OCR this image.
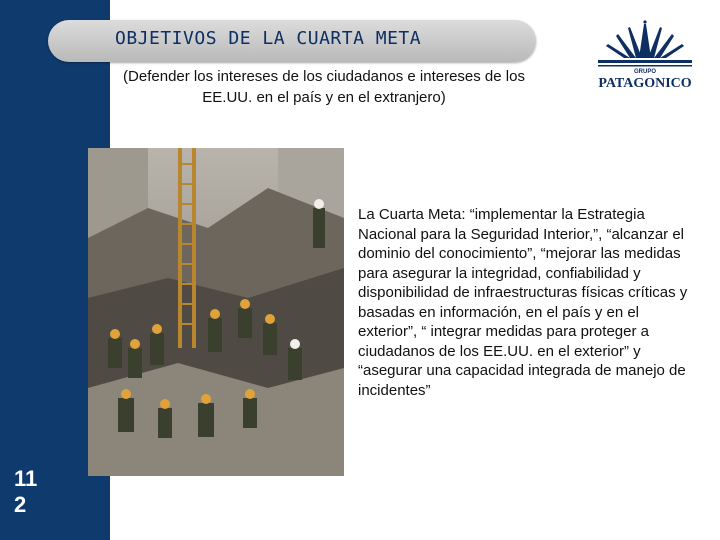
11
2
OBJETIVOS DE LA CUARTA META
(Defender los intereses de los ciudadanos e intereses de los EE.UU. en el país y en el extranjero)
GRUPO
PATAGONICO
La Cuarta Meta: “implementar la Estrategia Nacional para la Seguridad Interior,”, “alcanzar el dominio del conocimiento”, “mejorar las medidas para asegurar la integridad, confiabilidad y disponibilidad de infraestructuras físicas críticas y basadas en información, en el país y en el exterior”, “ integrar medidas para proteger a ciudadanos de los EE.UU. en el exterior” y “asegurar una capacidad integrada de manejo de incidentes”
